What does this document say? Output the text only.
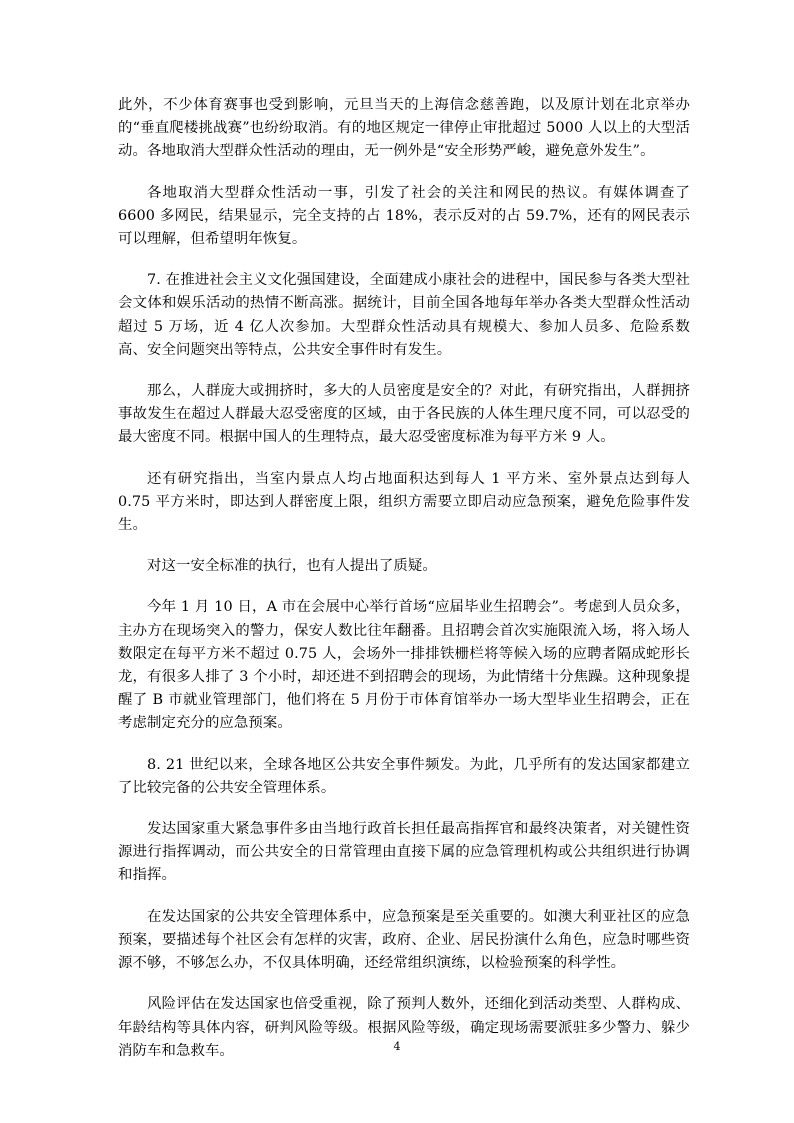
此外，不少体育赛事也受到影响，元旦当天的上海信念慈善跑，以及原计划在北京举办的“垂直爬楼挑战赛”也纷纷取消。有的地区规定一律停止审批超过 5000 人以上的大型活动。各地取消大型群众性活动的理由，无一例外是“安全形势严峻，避免意外发生”。

各地取消大型群众性活动一事，引发了社会的关注和网民的热议。有媒体调查了 6600 多网民，结果显示，完全支持的占 18%，表示反对的占 59.7%，还有的网民表示可以理解，但希望明年恢复。

7. 在推进社会主义文化强国建设，全面建成小康社会的进程中，国民参与各类大型社会文体和娱乐活动的热情不断高涨。据统计，目前全国各地每年举办各类大型群众性活动超过 5 万场，近 4 亿人次参加。大型群众性活动具有规模大、参加人员多、危险系数高、安全问题突出等特点，公共安全事件时有发生。

那么，人群庞大或拥挤时，多大的人员密度是安全的？对此，有研究指出，人群拥挤事故发生在超过人群最大忍受密度的区域，由于各民族的人体生理尺度不同，可以忍受的最大密度不同。根据中国人的生理特点，最大忍受密度标准为每平方米 9 人。

还有研究指出，当室内景点人均占地面积达到每人 1 平方米、室外景点达到每人 0.75 平方米时，即达到人群密度上限，组织方需要立即启动应急预案，避免危险事件发生。

对这一安全标准的执行，也有人提出了质疑。

今年 1 月 10 日，A 市在会展中心举行首场“应届毕业生招聘会”。考虑到人员众多，主办方在现场突入的警力，保安人数比往年翻番。且招聘会首次实施限流入场，将入场人数限定在每平方米不超过 0.75 人，会场外一排排铁栅栏将等候入场的应聘者隔成蛇形长龙，有很多人排了 3 个小时，却还进不到招聘会的现场，为此情绪十分焦躁。这种现象提醒了 B 市就业管理部门，他们将在 5 月份于市体育馆举办一场大型毕业生招聘会，正在考虑制定充分的应急预案。

8. 21 世纪以来，全球各地区公共安全事件频发。为此，几乎所有的发达国家都建立了比较完备的公共安全管理体系。

发达国家重大紧急事件多由当地行政首长担任最高指挥官和最终决策者，对关键性资源进行指挥调动，而公共安全的日常管理由直接下属的应急管理机构或公共组织进行协调和指挥。

在发达国家的公共安全管理体系中，应急预案是至关重要的。如澳大利亚社区的应急预案，要描述每个社区会有怎样的灾害，政府、企业、居民扮演什么角色，应急时哪些资源不够，不够怎么办，不仅具体明确，还经常组织演练，以检验预案的科学性。

风险评估在发达国家也倍受重视，除了预判人数外，还细化到活动类型、人群构成、年龄结构等具体内容，研判风险等级。根据风险等级，确定现场需要派驻多少警力、躲少消防车和急救车。	4
